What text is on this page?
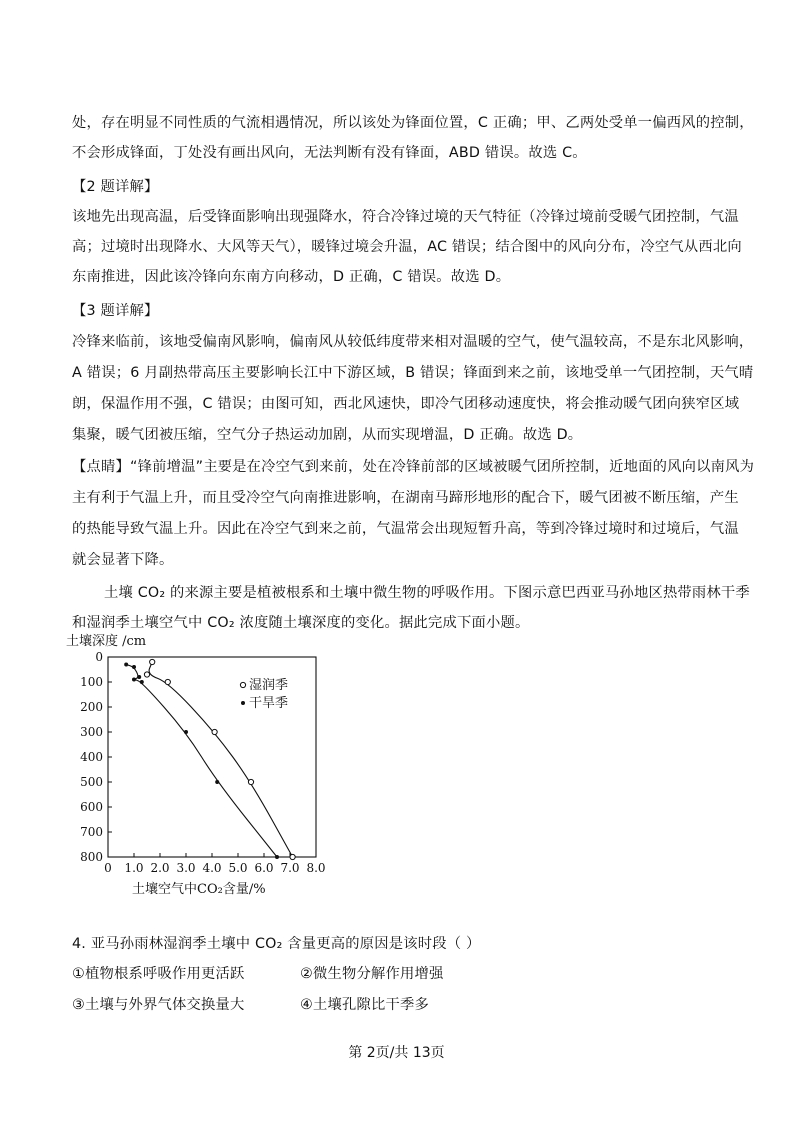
处，存在明显不同性质的气流相遇情况，所以该处为锋面位置，C 正确；甲、乙两处受单一偏西风的控制，
不会形成锋面，丁处没有画出风向，无法判断有没有锋面，ABD 错误。故选 C。
【2 题详解】
该地先出现高温，后受锋面影响出现强降水，符合冷锋过境的天气特征（冷锋过境前受暖气团控制，气温
高；过境时出现降水、大风等天气），暖锋过境会升温，AC 错误；结合图中的风向分布，冷空气从西北向
东南推进，因此该冷锋向东南方向移动，D 正确，C 错误。故选 D。
【3 题详解】
冷锋来临前，该地受偏南风影响，偏南风从较低纬度带来相对温暖的空气，使气温较高，不是东北风影响，
A 错误；6 月副热带高压主要影响长江中下游区域，B 错误；锋面到来之前，该地受单一气团控制，天气晴
朗，保温作用不强，C 错误；由图可知，西北风速快，即冷气团移动速度快，将会推动暖气团向狭窄区域
集聚，暖气团被压缩，空气分子热运动加剧，从而实现增温，D 正确。故选 D。
【点睛】“锋前增温”主要是在冷空气到来前，处在冷锋前部的区域被暖气团所控制，近地面的风向以南风为
主有利于气温上升，而且受冷空气向南推进影响，在湖南马蹄形地形的配合下，暖气团被不断压缩，产生
的热能导致气温上升。因此在冷空气到来之前，气温常会出现短暂升高，等到冷锋过境时和过境后，气温
就会显著下降。
土壤 CO₂ 的来源主要是植被根系和土壤中微生物的呼吸作用。下图示意巴西亚马孙地区热带雨林干季
和湿润季土壤空气中 CO₂ 浓度随土壤深度的变化。据此完成下面小题。
土壤深度 /cm
0 1.0 2.0 3.0 4.0 5.0 6.0 7.0 8.0
0
100
200
300
400
500
600
700
800
湿润季
干旱季
土壤空气中CO₂含量/%
4. 亚马孙雨林湿润季土壤中 CO₂ 含量更高的原因是该时段（ ）
①植物根系呼吸作用更活跃	②微生物分解作用增强
③土壤与外界气体交换量大	④土壤孔隙比干季多
第 2页/共 13页
